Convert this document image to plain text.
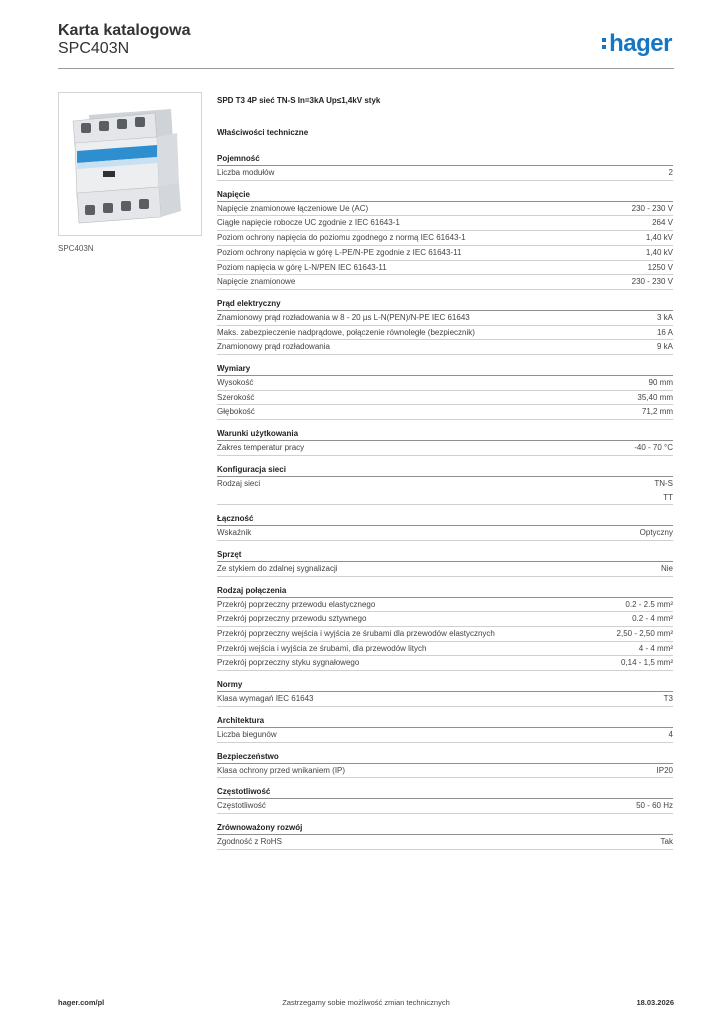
Karta katalogowa
SPC403N	hager
SPC403N
SPD T3 4P sieć TN-S In=3kA Up≤1,4kV styk
Właściwości techniczne
Pojemność
Liczba modułów	2
Napięcie
Napięcie znamionowe łączeniowe Ue (AC)	230 - 230 V
Ciągłe napięcie robocze UC zgodnie z IEC 61643-1	264 V
Poziom ochrony napięcia do poziomu zgodnego z normą IEC 61643-1	1,40 kV
Poziom ochrony napięcia w górę L-PE/N-PE zgodnie z IEC 61643-11	1,40 kV
Poziom napięcia w górę L-N/PEN IEC 61643-11	1250 V
Napięcie znamionowe	230 - 230 V
Prąd elektryczny
Znamionowy prąd rozładowania w 8 - 20 µs L-N(PEN)/N-PE IEC 61643	3 kA
Maks. zabezpieczenie nadprądowe, połączenie równoległe (bezpiecznik)	16 A
Znamionowy prąd rozładowania	9 kA
Wymiary
Wysokość	90 mm
Szerokość	35,40 mm
Głębokość	71,2 mm
Warunki użytkowania
Zakres temperatur pracy	-40 - 70 °C
Konfiguracja sieci
Rodzaj sieci	TN-S
TT
Łączność
Wskaźnik	Optyczny
Sprzęt
Ze stykiem do zdalnej sygnalizacji	Nie
Rodzaj połączenia
Przekrój poprzeczny przewodu elastycznego	0.2 - 2.5 mm²
Przekrój poprzeczny przewodu sztywnego	0.2 - 4 mm²
Przekrój poprzeczny wejścia i wyjścia ze śrubami dla przewodów elastycznych	2,50 - 2,50 mm²
Przekrój wejścia i wyjścia ze śrubami, dla przewodów litych	4 - 4 mm²
Przekrój poprzeczny styku sygnałowego	0,14 - 1,5 mm²
Normy
Klasa wymagań IEC 61643	T3
Architektura
Liczba biegunów	4
Bezpieczeństwo
Klasa ochrony przed wnikaniem (IP)	IP20
Częstotliwość
Częstotliwość	50 - 60 Hz
Zrównoważony rozwój
Zgodność z RoHS	Tak
hager.com/pl	Zastrzegamy sobie możliwość zmian technicznych	18.03.2026
